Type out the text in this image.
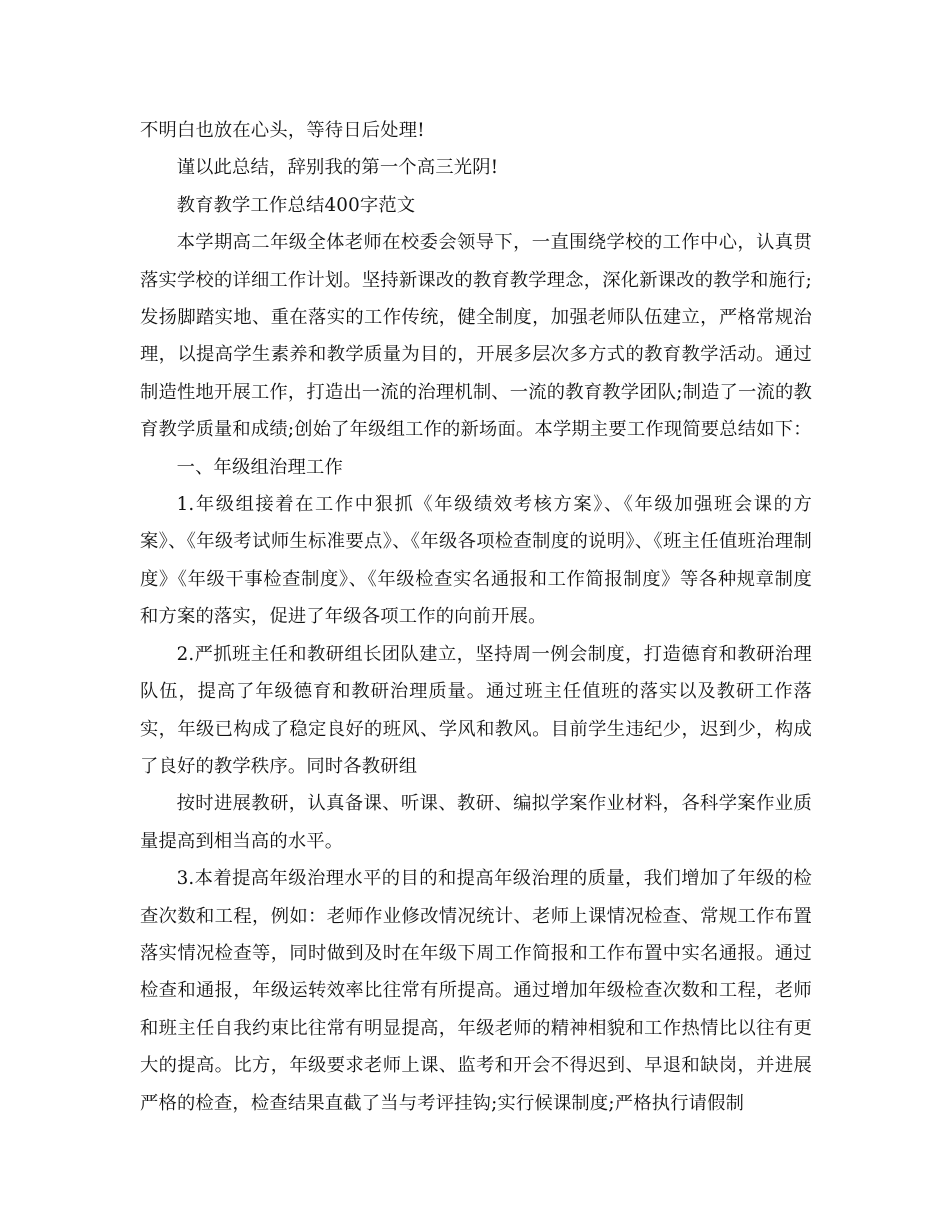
不明白也放在心头，等待日后处理!

谨以此总结，辞别我的第一个高三光阴!

教育教学工作总结400字范文

本学期高二年级全体老师在校委会领导下，一直围绕学校的工作中心，认真贯落实学校的详细工作计划。坚持新课改的教育教学理念，深化新课改的教学和施行;发扬脚踏实地、重在落实的工作传统，健全制度，加强老师队伍建立，严格常规治理，以提高学生素养和教学质量为目的，开展多层次多方式的教育教学活动。通过制造性地开展工作，打造出一流的治理机制、一流的教育教学团队;制造了一流的教育教学质量和成绩;创始了年级组工作的新场面。本学期主要工作现简要总结如下：

一、年级组治理工作

1.年级组接着在工作中狠抓《年级绩效考核方案》、《年级加强班会课的方案》、《年级考试师生标准要点》、《年级各项检查制度的说明》、《班主任值班治理制度》《年级干事检查制度》、《年级检查实名通报和工作简报制度》等各种规章制度和方案的落实，促进了年级各项工作的向前开展。

2.严抓班主任和教研组长团队建立，坚持周一例会制度，打造德育和教研治理队伍，提高了年级德育和教研治理质量。通过班主任值班的落实以及教研工作落实，年级已构成了稳定良好的班风、学风和教风。目前学生违纪少，迟到少，构成了良好的教学秩序。同时各教研组

按时进展教研，认真备课、听课、教研、编拟学案作业材料，各科学案作业质量提高到相当高的水平。

3.本着提高年级治理水平的目的和提高年级治理的质量，我们增加了年级的检查次数和工程，例如：老师作业修改情况统计、老师上课情况检查、常规工作布置落实情况检查等，同时做到及时在年级下周工作简报和工作布置中实名通报。通过检查和通报，年级运转效率比往常有所提高。通过增加年级检查次数和工程，老师和班主任自我约束比往常有明显提高，年级老师的精神相貌和工作热情比以往有更大的提高。比方，年级要求老师上课、监考和开会不得迟到、早退和缺岗，并进展严格的检查，检查结果直截了当与考评挂钩;实行候课制度;严格执行请假制
